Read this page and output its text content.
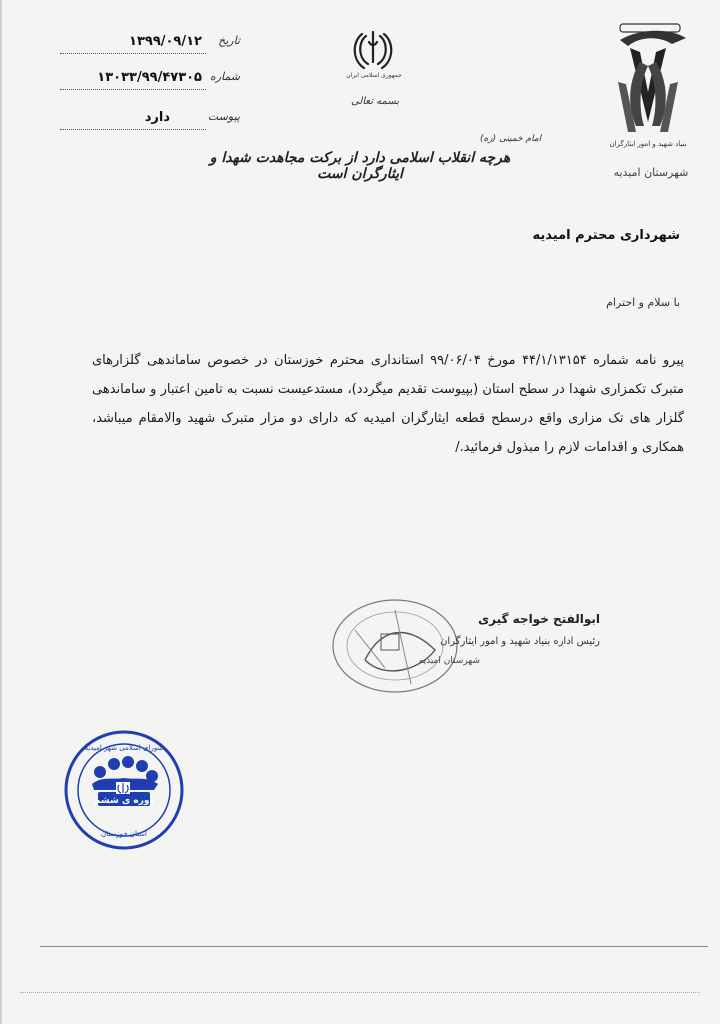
تاریخ
۱۳۹۹/۰۹/۱۲
شماره
۱۳۰۳۳/۹۹/۴۷۳۰۵
پیوست
دارد
جمهوری اسلامی ایران
بسمه تعالی
بنیاد شهید و امور ایثارگران
شهرستان امیدیه
امام خمینی (ره)
هرچه انقلاب اسلامی دارد از برکت مجاهدت شهدا و ایثارگران است
شهرداری محترم امیدیه
با سلام و احترام
پیرو نامه شماره ۴۴/۱/۱۳۱۵۴ مورخ ۹۹/۰۶/۰۴ استانداری محترم خوزستان در خصوص ساماندهی گلزارهای متبرک تکمزاری شهدا در سطح استان (بپیوست تقدیم میگردد)، مستدعیست نسبت به تامین اعتبار و ساماندهی گلزار های تک مزاری واقع درسطح قطعه ایثارگران امیدیه که دارای دو مزار متبرک شهید والامقام میباشد، همکاری و اقدامات لازم را مبذول فرمائید./
ابوالفتح خواجه گیری
رئیس اداره بنیاد شهید و امور ایثارگران
شهرستان امیدیه
دوره ی ششم
شورای اسلامی شهر امیدیه
استان خوزستان
